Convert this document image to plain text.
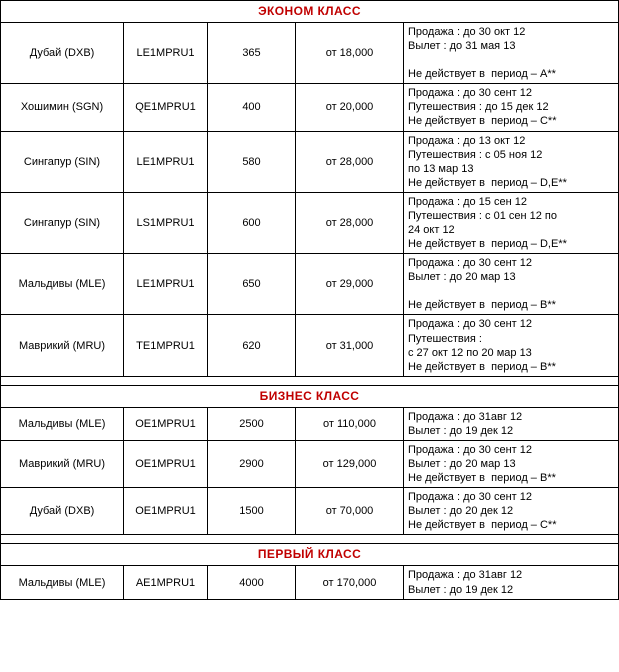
ЭКОНОМ КЛАСС				
Дубай (DXB)	LE1MPRU1	365	от 18,000	Продажа : до 30 окт 12
Вылет : до 31 мая 13

Не действует в  период – А**

Хошимин (SGN)	QE1MPRU1	400	от 20,000	Продажа : до 30 сент 12
Путешествия : до 15 дек 12
Не действует в  период – С**

Сингапур (SIN)	LE1MPRU1	580	от 28,000	Продажа : до 13 окт 12
Путешествия : с 05 ноя 12
по 13 мар 13
Не действует в  период – D,E**

Сингапур (SIN)	LS1MPRU1	600	от 28,000	Продажа : до 15 сен 12
Путешествия : с 01 сен 12 по
24 окт 12
Не действует в  период – D,E**

Мальдивы (MLE)	LE1MPRU1	650	от 29,000	Продажа : до 30 сент 12
Вылет : до 20 мар 13

Не действует в  период – В**

Маврикий (MRU)	TE1MPRU1	620	от 31,000	Продажа : до 30 сент 12
Путешествия :
с 27 окт 12 по 20 мар 13
Не действует в  период – В**

БИЗНЕС КЛАСС				
Мальдивы (MLE)	OE1MPRU1	2500	от 110,000	Продажа : до 31авг 12
Вылет : до 19 дек 12

Маврикий (MRU)	OE1MPRU1	2900	от 129,000	Продажа : до 30 сент 12
Вылет : до 20 мар 13
Не действует в  период – В**

Дубай (DXB)	OE1MPRU1	1500	от 70,000	Продажа : до 30 сент 12
Вылет : до 20 дек 12
Не действует в  период – С**

ПЕРВЫЙ КЛАСС				
Мальдивы (MLE)	AE1MPRU1	4000	от 170,000	Продажа : до 31авг 12
Вылет : до 19 дек 12
